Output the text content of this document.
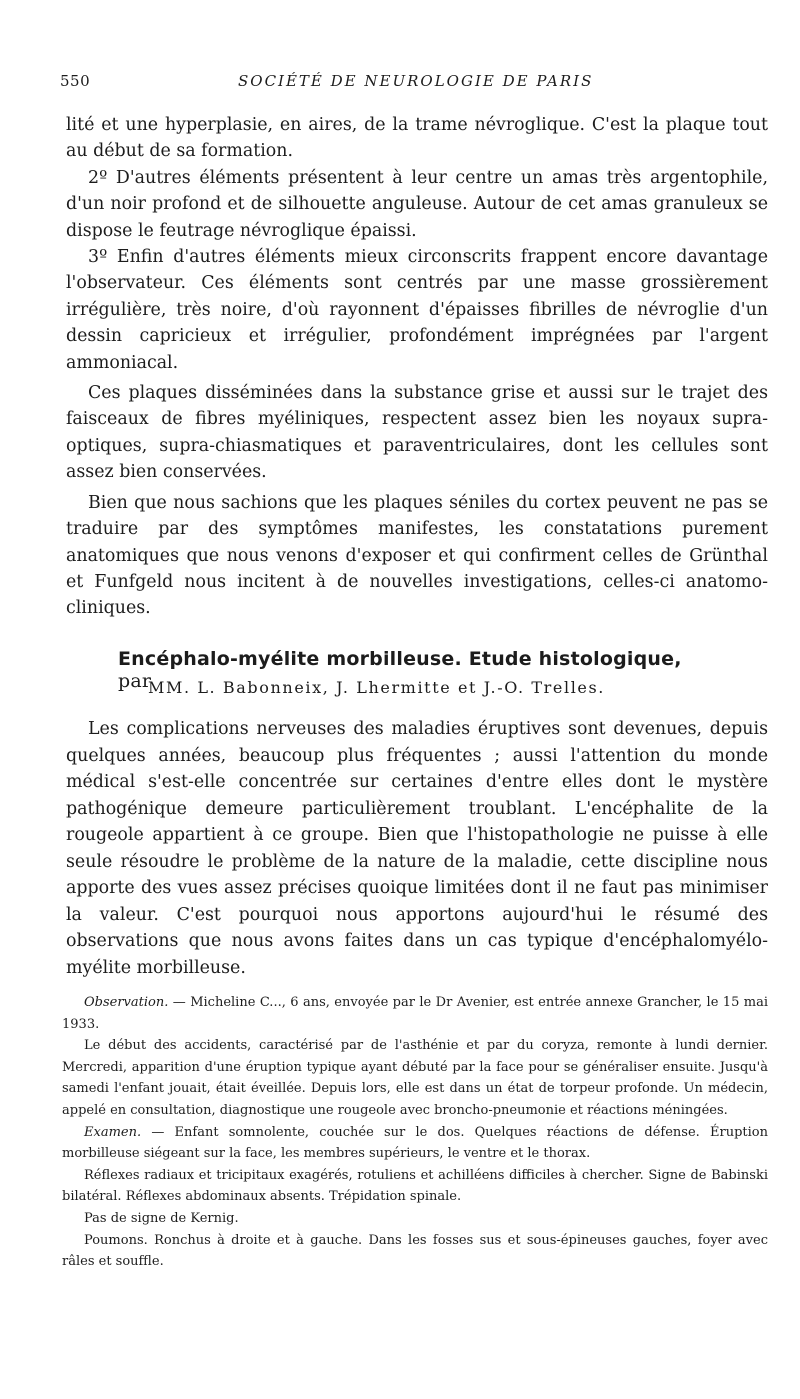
550	SOCIÉTÉ DE NEUROLOGIE DE PARIS

lité et une hyperplasie, en aires, de la trame névroglique. C'est la plaque tout au début de sa formation.

2º D'autres éléments présentent à leur centre un amas très argentophile, d'un noir profond et de silhouette anguleuse. Autour de cet amas granuleux se dispose le feutrage névroglique épaissi.

3º Enfin d'autres éléments mieux circonscrits frappent encore davantage l'observateur. Ces éléments sont centrés par une masse grossièrement irrégulière, très noire, d'où rayonnent d'épaisses fibrilles de névroglie d'un dessin capricieux et irrégulier, profondément imprégnées par l'argent ammoniacal.

Ces plaques disséminées dans la substance grise et aussi sur le trajet des faisceaux de fibres myéliniques, respectent assez bien les noyaux supra-optiques, supra-chiasmatiques et paraventriculaires, dont les cellules sont assez bien conservées.

Bien que nous sachions que les plaques séniles du cortex peuvent ne pas se traduire par des symptômes manifestes, les constatations purement anatomiques que nous venons d'exposer et qui confirment celles de Grünthal et Funfgeld nous incitent à de nouvelles investigations, celles-ci anatomo-cliniques.

Encéphalo-myélite morbilleuse. Etude histologique, par
MM. L. Babonneix, J. Lhermitte et J.-O. Trelles.

Les complications nerveuses des maladies éruptives sont devenues, depuis quelques années, beaucoup plus fréquentes ; aussi l'attention du monde médical s'est-elle concentrée sur certaines d'entre elles dont le mystère pathogénique demeure particulièrement troublant. L'encéphalite de la rougeole appartient à ce groupe. Bien que l'histopathologie ne puisse à elle seule résoudre le problème de la nature de la maladie, cette discipline nous apporte des vues assez précises quoique limitées dont il ne faut pas minimiser la valeur. C'est pourquoi nous apportons aujourd'hui le résumé des observations que nous avons faites dans un cas typique d'encéphalomyélo-myélite morbilleuse.

Observation. — Micheline C..., 6 ans, envoyée par le Dr Avenier, est entrée annexe Grancher, le 15 mai 1933.

Le début des accidents, caractérisé par de l'asthénie et par du coryza, remonte à lundi dernier. Mercredi, apparition d'une éruption typique ayant débuté par la face pour se généraliser ensuite. Jusqu'à samedi l'enfant jouait, était éveillée. Depuis lors, elle est dans un état de torpeur profonde. Un médecin, appelé en consultation, diagnostique une rougeole avec broncho-pneumonie et réactions méningées.

Examen. — Enfant somnolente, couchée sur le dos. Quelques réactions de défense. Éruption morbilleuse siégeant sur la face, les membres supérieurs, le ventre et le thorax.

Réflexes radiaux et tricipitaux exagérés, rotuliens et achilléens difficiles à chercher. Signe de Babinski bilatéral. Réflexes abdominaux absents. Trépidation spinale.

Pas de signe de Kernig.

Poumons. Ronchus à droite et à gauche. Dans les fosses sus et sous-épineuses gauches, foyer avec râles et souffle.
